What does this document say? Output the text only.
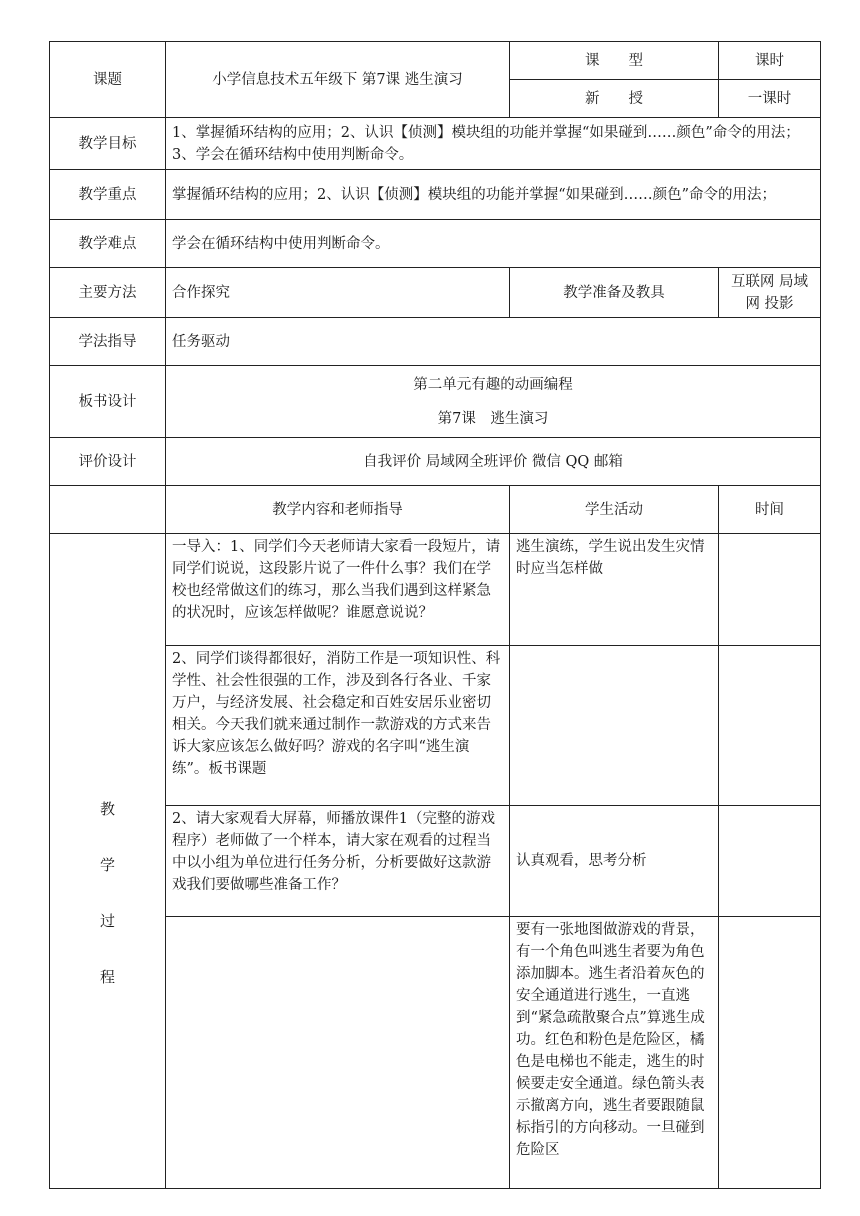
课题	小学信息技术五年级下 第7课 逃生演习	课　　型	课时
		新　　授	一课时
教学目标	1、掌握循环结构的应用；2、认识【侦测】模块组的功能并掌握“如果碰到……颜色”命令的用法；3、学会在循环结构中使用判断命令。		
教学重点	掌握循环结构的应用；2、认识【侦测】模块组的功能并掌握“如果碰到……颜色”命令的用法；		
教学难点	学会在循环结构中使用判断命令。		
主要方法	合作探究	教学准备及教具	互联网 局域网 投影
学法指导	任务驱动		
板书设计	第二单元有趣的动画编程
第7课　逃生演习		

评价设计	自我评价 局域网全班评价 微信 QQ 邮箱		
	教学内容和老师指导	学生活动	时间

教
学
过
程	一导入：1、同学们今天老师请大家看一段短片，请同学们说说，这段影片说了一件什么事？我们在学校也经常做这们的练习，那么当我们遇到这样紧急的状况时，应该怎样做呢？谁愿意说说？	逃生演练，学生说出发生灾情时应当怎样做	
	2、同学们谈得都很好，消防工作是一项知识性、科学性、社会性很强的工作，涉及到各行各业、千家万户，与经济发展、社会稳定和百姓安居乐业密切相关。今天我们就来通过制作一款游戏的方式来告诉大家应该怎么做好吗？游戏的名字叫“逃生演练”。板书课题		
	2、请大家观看大屏幕，师播放课件1（完整的游戏程序）老师做了一个样本，请大家在观看的过程当中以小组为单位进行任务分析，分析要做好这款游戏我们要做哪些准备工作？	认真观看，思考分析	
		要有一张地图做游戏的背景，有一个角色叫逃生者要为角色添加脚本。逃生者沿着灰色的安全通道进行逃生，一直逃到“紧急疏散聚合点”算逃生成功。红色和粉色是危险区，橘色是电梯也不能走，逃生的时候要走安全通道。绿色箭头表示撤离方向，逃生者要跟随鼠标指引的方向移动。一旦碰到危险区	
